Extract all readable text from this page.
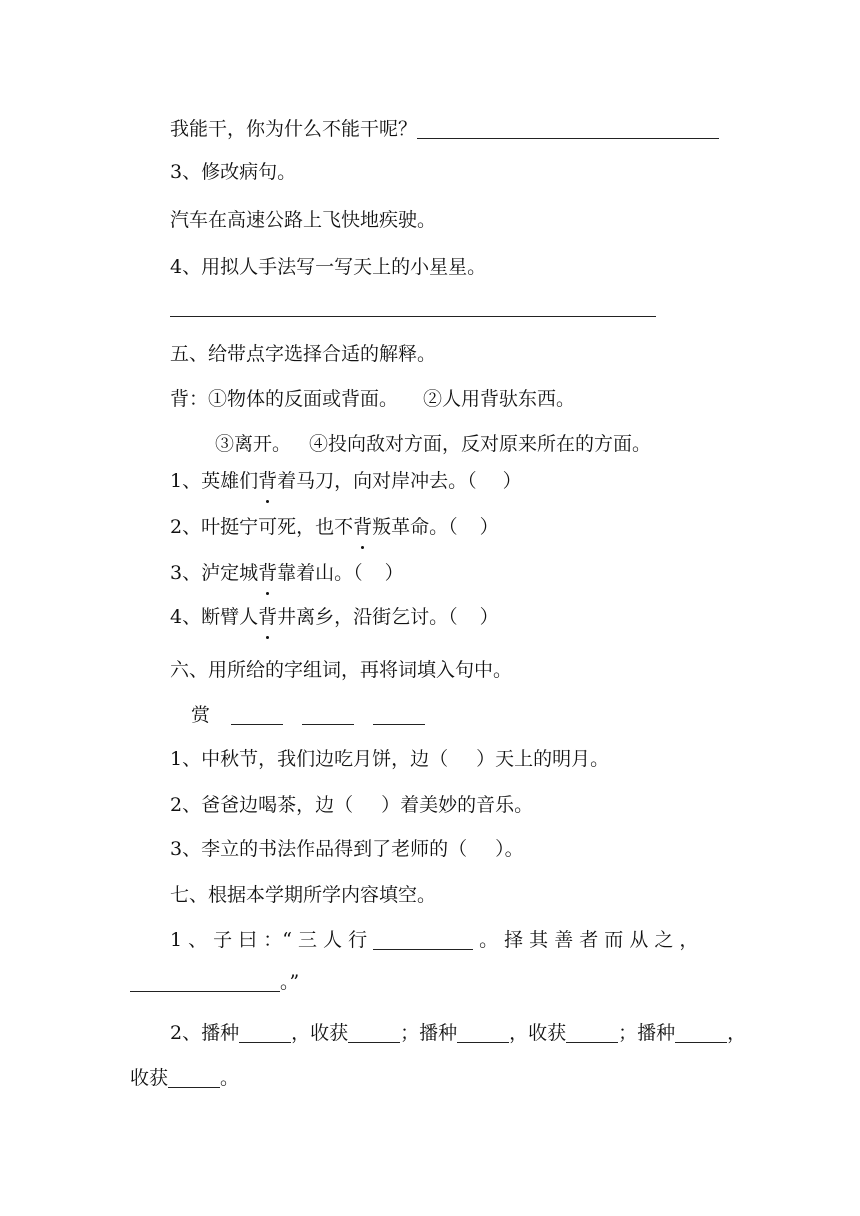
我能干，你为什么不能干呢？
3、修改病句。
汽车在高速公路上飞快地疾驶。
4、用拟人手法写一写天上的小星星。
五、给带点字选择合适的解释。
背：①物体的反面或背面。 ②人用背驮东西。
③离开。 ④投向敌对方面，反对原来所在的方面。
1、英雄们背着马刀，向对岸冲去。（ ）
2、叶挺宁可死，也不背叛革命。（ ）
3、泸定城背靠着山。（ ）
4、断臂人背井离乡，沿街乞讨。（ ）
六、用所给的字组词，再将词填入句中。
赏
1、中秋节，我们边吃月饼，边（ ）天上的明月。
2、爸爸边喝茶，边（ ）着美妙的音乐。
3、李立的书法作品得到了老师的（ ）。
七、根据本学期所学内容填空。
1 、 子 曰 ：“ 三 人 行	。 择 其 善 者 而 从 之 ，
。”
2、播种	，收获	；播种	，收获	；播种	，
收获	。
